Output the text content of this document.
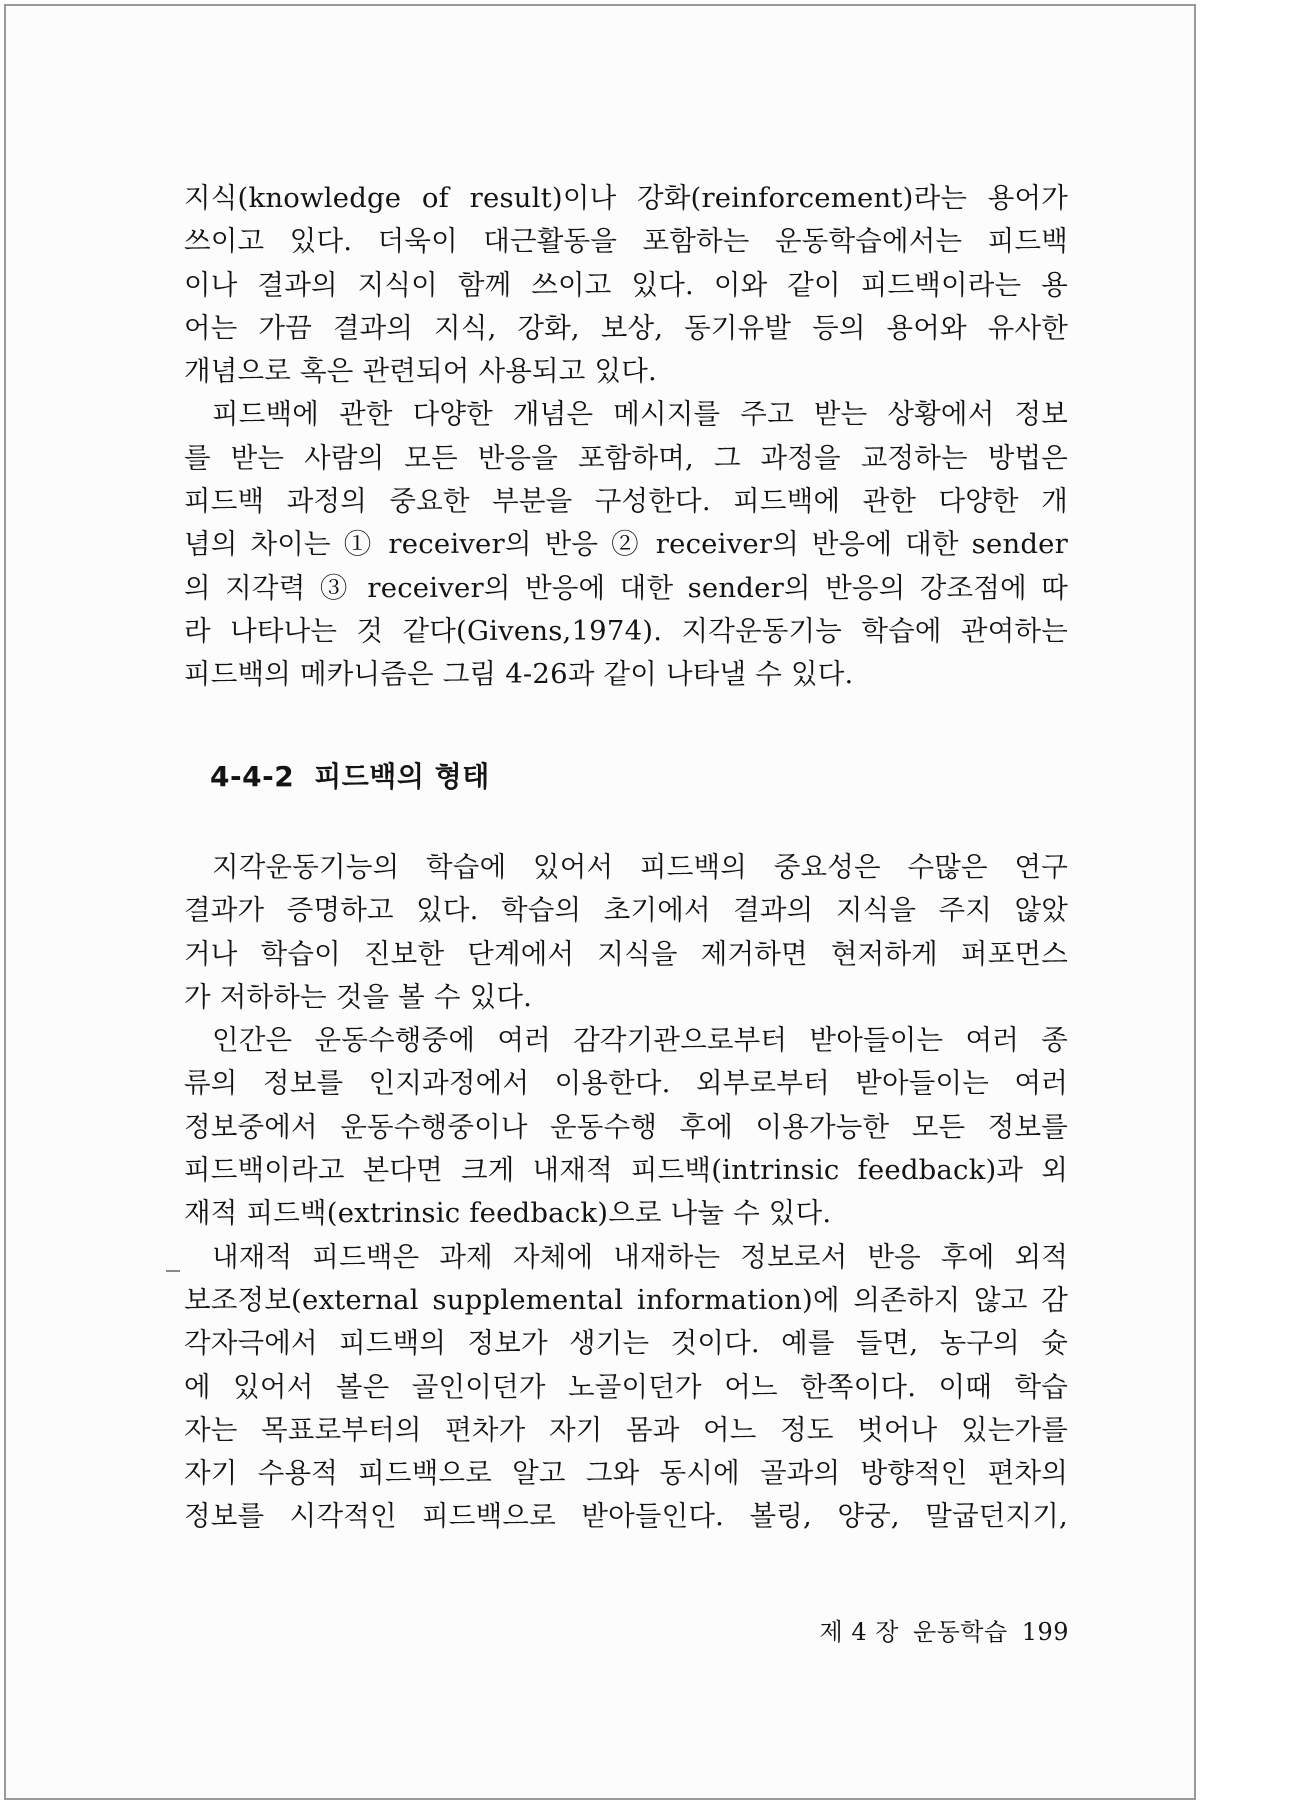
지식(knowledge of result)이나 강화(reinforcement)라는 용어가
쓰이고 있다. 더욱이 대근활동을 포함하는 운동학습에서는 피드백
이나 결과의 지식이 함께 쓰이고 있다. 이와 같이 피드백이라는 용
어는 가끔 결과의 지식, 강화, 보상, 동기유발 등의 용어와 유사한
개념으로 혹은 관련되어 사용되고 있다.
피드백에 관한 다양한 개념은 메시지를 주고 받는 상황에서 정보
를 받는 사람의 모든 반응을 포함하며, 그 과정을 교정하는 방법은
피드백 과정의 중요한 부분을 구성한다. 피드백에 관한 다양한 개
념의 차이는 ① receiver의 반응 ② receiver의 반응에 대한 sender
의 지각력 ③ receiver의 반응에 대한 sender의 반응의 강조점에 따
라 나타나는 것 같다(Givens,1974). 지각운동기능 학습에 관여하는
피드백의 메카니즘은 그림 4-26과 같이 나타낼 수 있다.
4-4-2 피드백의 형태
지각운동기능의 학습에 있어서 피드백의 중요성은 수많은 연구
결과가 증명하고 있다. 학습의 초기에서 결과의 지식을 주지 않았
거나 학습이 진보한 단계에서 지식을 제거하면 현저하게 퍼포먼스
가 저하하는 것을 볼 수 있다.
인간은 운동수행중에 여러 감각기관으로부터 받아들이는 여러 종
류의 정보를 인지과정에서 이용한다. 외부로부터 받아들이는 여러
정보중에서 운동수행중이나 운동수행 후에 이용가능한 모든 정보를
피드백이라고 본다면 크게 내재적 피드백(intrinsic feedback)과 외
재적 피드백(extrinsic feedback)으로 나눌 수 있다.
내재적 피드백은 과제 자체에 내재하는 정보로서 반응 후에 외적
보조정보(external supplemental information)에 의존하지 않고 감
각자극에서 피드백의 정보가 생기는 것이다. 예를 들면, 농구의 슛
에 있어서 볼은 골인이던가 노골이던가 어느 한쪽이다. 이때 학습
자는 목표로부터의 편차가 자기 몸과 어느 정도 벗어나 있는가를
자기 수용적 피드백으로 알고 그와 동시에 골과의 방향적인 편차의
정보를 시각적인 피드백으로 받아들인다. 볼링, 양궁, 말굽던지기,
제 4 장 운동학습 199
